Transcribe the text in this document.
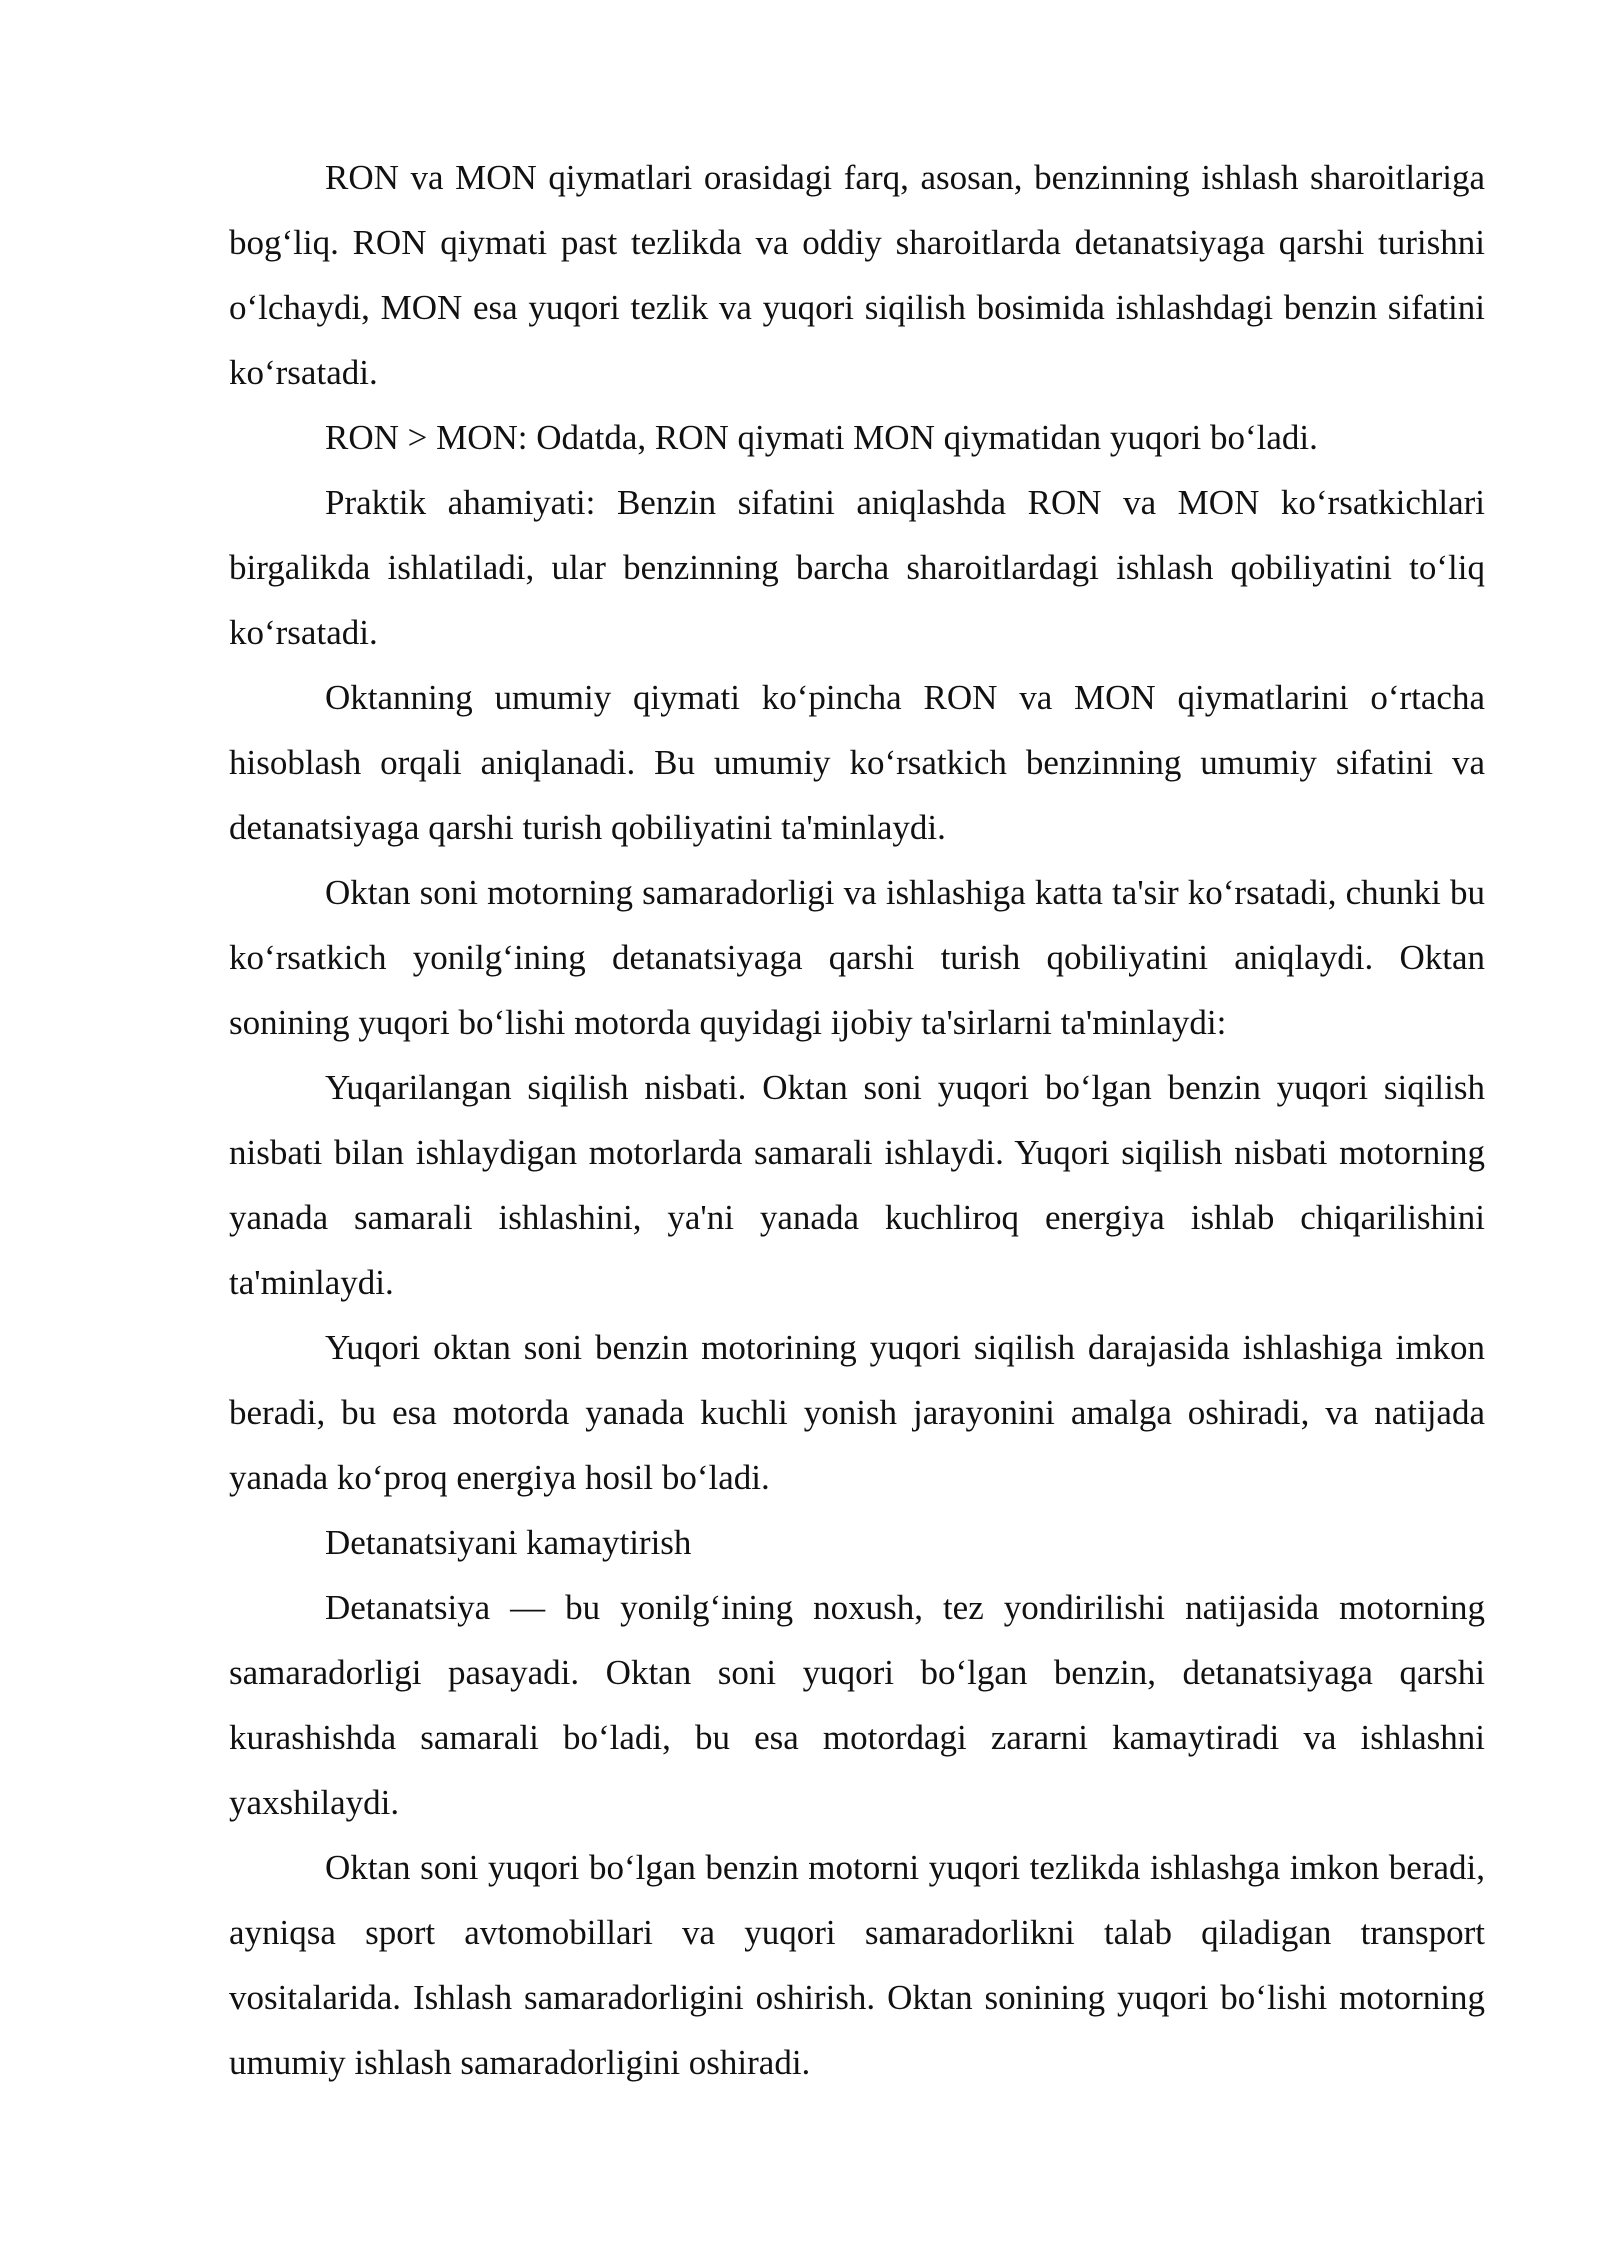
RON va MON qiymatlari orasidagi farq, asosan, benzinning ishlash sharoitlariga bog‘liq. RON qiymati past tezlikda va oddiy sharoitlarda detanatsiyaga qarshi turishni o‘lchaydi, MON esa yuqori tezlik va yuqori siqilish bosimida ishlashdagi benzin sifatini ko‘rsatadi.

RON > MON: Odatda, RON qiymati MON qiymatidan yuqori bo‘ladi.

Praktik ahamiyati: Benzin sifatini aniqlashda RON va MON ko‘rsatkichlari birgalikda ishlatiladi, ular benzinning barcha sharoitlardagi ishlash qobiliyatini to‘liq ko‘rsatadi.

Oktanning umumiy qiymati ko‘pincha RON va MON qiymatlarini o‘rtacha hisoblash orqali aniqlanadi. Bu umumiy ko‘rsatkich benzinning umumiy sifatini va detanatsiyaga qarshi turish qobiliyatini ta'minlaydi.

Oktan soni motorning samaradorligi va ishlashiga katta ta'sir ko‘rsatadi, chunki bu ko‘rsatkich yonilg‘ining detanatsiyaga qarshi turish qobiliyatini aniqlaydi. Oktan sonining yuqori bo‘lishi motorda quyidagi ijobiy ta'sirlarni ta'minlaydi:

Yuqarilangan siqilish nisbati. Oktan soni yuqori bo‘lgan benzin yuqori siqilish nisbati bilan ishlaydigan motorlarda samarali ishlaydi. Yuqori siqilish nisbati motorning yanada samarali ishlashini, ya'ni yanada kuchliroq energiya ishlab chiqarilishini ta'minlaydi.

Yuqori oktan soni benzin motorining yuqori siqilish darajasida ishlashiga imkon beradi, bu esa motorda yanada kuchli yonish jarayonini amalga oshiradi, va natijada yanada ko‘proq energiya hosil bo‘ladi.

Detanatsiyani kamaytirish

Detanatsiya — bu yonilg‘ining noxush, tez yondirilishi natijasida motorning samaradorligi pasayadi. Oktan soni yuqori bo‘lgan benzin, detanatsiyaga qarshi kurashishda samarali bo‘ladi, bu esa motordagi zararni kamaytiradi va ishlashni yaxshilaydi.

Oktan soni yuqori bo‘lgan benzin motorni yuqori tezlikda ishlashga imkon beradi, ayniqsa sport avtomobillari va yuqori samaradorlikni talab qiladigan transport vositalarida. Ishlash samaradorligini oshirish. Oktan sonining yuqori bo‘lishi motorning umumiy ishlash samaradorligini oshiradi.
